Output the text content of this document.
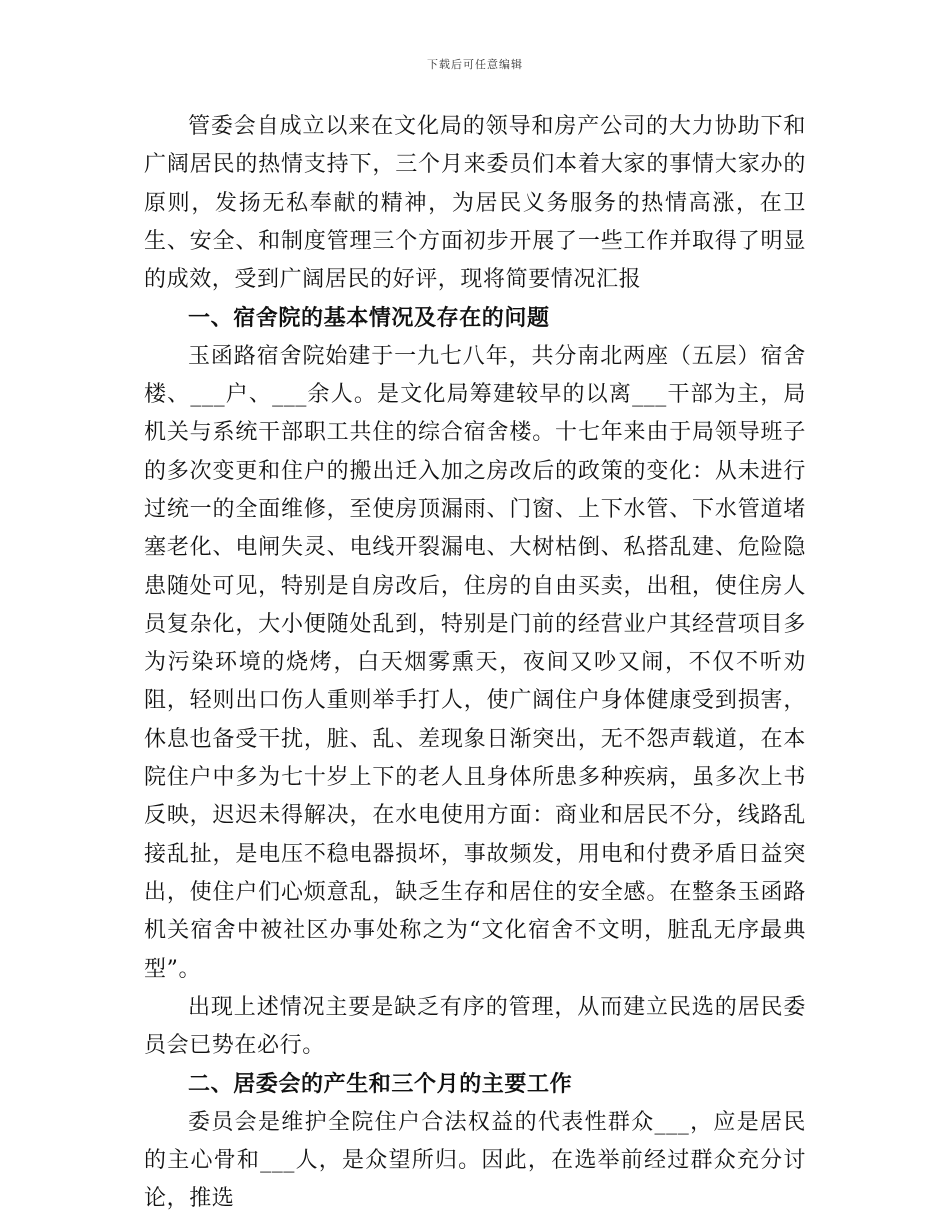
下载后可任意编辑

管委会自成立以来在文化局的领导和房产公司的大力协助下和广阔居民的热情支持下，三个月来委员们本着大家的事情大家办的原则，发扬无私奉献的精神，为居民义务服务的热情高涨，在卫生、安全、和制度管理三个方面初步开展了一些工作并取得了明显的成效，受到广阔居民的好评，现将简要情况汇报

一、宿舍院的基本情况及存在的问题

玉函路宿舍院始建于一九七八年，共分南北两座（五层）宿舍楼、___户、___余人。是文化局筹建较早的以离___干部为主，局机关与系统干部职工共住的综合宿舍楼。十七年来由于局领导班子的多次变更和住户的搬出迁入加之房改后的政策的变化：从未进行过统一的全面维修，至使房顶漏雨、门窗、上下水管、下水管道堵塞老化、电闸失灵、电线开裂漏电、大树枯倒、私搭乱建、危险隐患随处可见，特别是自房改后，住房的自由买卖，出租，使住房人员复杂化，大小便随处乱到，特别是门前的经营业户其经营项目多为污染环境的烧烤，白天烟雾熏天，夜间又吵又闹，不仅不听劝阻，轻则出口伤人重则举手打人，使广阔住户身体健康受到损害，休息也备受干扰，脏、乱、差现象日渐突出，无不怨声载道，在本院住户中多为七十岁上下的老人且身体所患多种疾病，虽多次上书反映，迟迟未得解决，在水电使用方面：商业和居民不分，线路乱接乱扯，是电压不稳电器损坏，事故频发，用电和付费矛盾日益突出，使住户们心烦意乱，缺乏生存和居住的安全感。在整条玉函路机关宿舍中被社区办事处称之为“文化宿舍不文明，脏乱无序最典型”。

出现上述情况主要是缺乏有序的管理，从而建立民选的居民委员会已势在必行。

二、居委会的产生和三个月的主要工作

委员会是维护全院住户合法权益的代表性群众___，应是居民的主心骨和___人，是众望所归。因此，在选举前经过群众充分讨论，推选
